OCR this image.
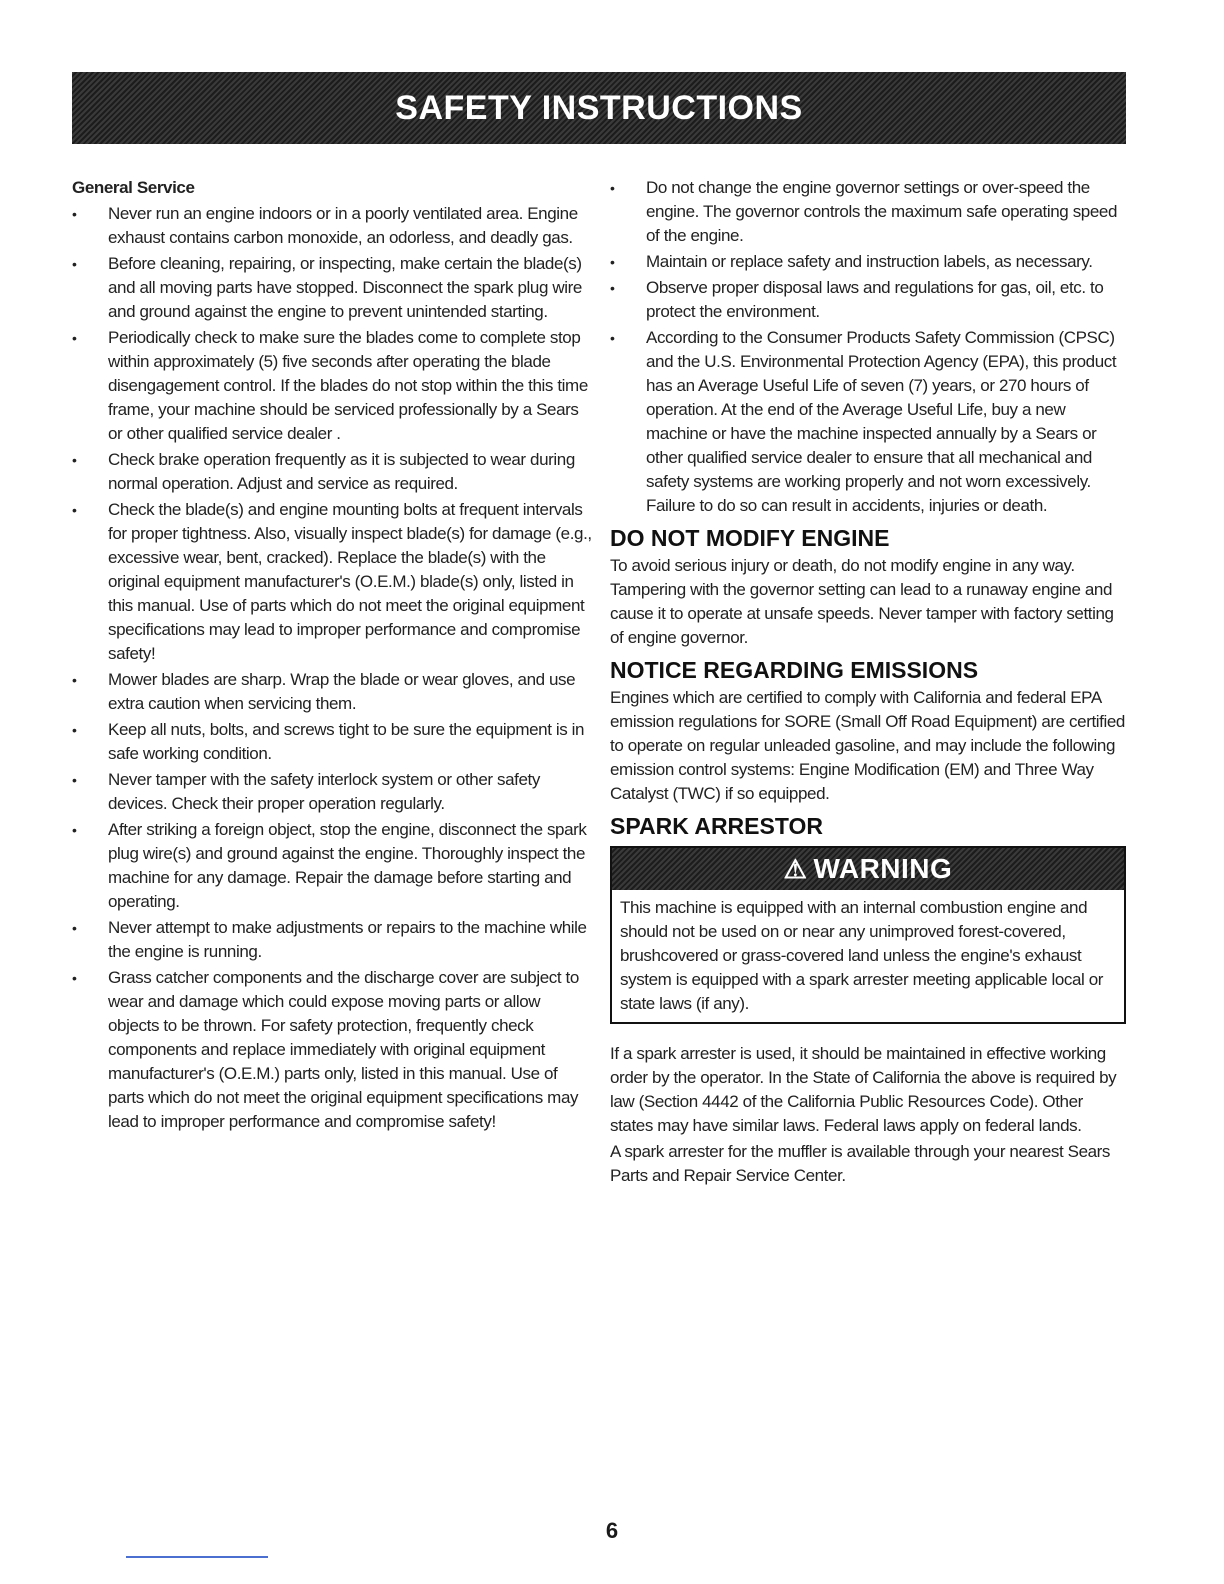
SAFETY INSTRUCTIONS
General Service
• Never run an engine indoors or in a poorly ventilated area. Engine exhaust contains carbon monoxide, an odorless, and deadly gas.
• Before cleaning, repairing, or inspecting, make certain the blade(s) and all moving parts have stopped. Disconnect the spark plug wire and ground against the engine to prevent unintended starting.
• Periodically check to make sure the blades come to complete stop within approximately (5) five seconds after operating the blade disengagement control. If the blades do not stop within the this time frame, your machine should be serviced professionally by a Sears or other qualified service dealer .
• Check brake operation frequently as it is subjected to wear during normal operation. Adjust and service as required.
• Check the blade(s) and engine mounting bolts at frequent intervals for proper tightness. Also, visually inspect blade(s) for damage (e.g., excessive wear, bent, cracked). Replace the blade(s) with the original equipment manufacturer's (O.E.M.) blade(s) only, listed in this manual. Use of parts which do not meet the original equipment specifications may lead to improper performance and compromise safety!
• Mower blades are sharp. Wrap the blade or wear gloves, and use extra caution when servicing them.
• Keep all nuts, bolts, and screws tight to be sure the equipment is in safe working condition.
• Never tamper with the safety interlock system or other safety devices. Check their proper operation regularly.
• After striking a foreign object, stop the engine, disconnect the spark plug wire(s) and ground against the engine. Thoroughly inspect the machine for any damage. Repair the damage before starting and operating.
• Never attempt to make adjustments or repairs to the machine while the engine is running.
• Grass catcher components and the discharge cover are subject to wear and damage which could expose moving parts or allow objects to be thrown. For safety protection, frequently check components and replace immediately with original equipment manufacturer's (O.E.M.) parts only, listed in this manual. Use of parts which do not meet the original equipment specifications may lead to improper performance and compromise safety!
• Do not change the engine governor settings or over-speed the engine. The governor controls the maximum safe operating speed of the engine.
• Maintain or replace safety and instruction labels, as necessary.
• Observe proper disposal laws and regulations for gas, oil, etc. to protect the environment.
• According to the Consumer Products Safety Commission (CPSC) and the U.S. Environmental Protection Agency (EPA), this product has an Average Useful Life of seven (7) years, or 270 hours of operation. At the end of the Average Useful Life, buy a new machine or have the machine inspected annually by a Sears or other qualified service dealer to ensure that all mechanical and safety systems are working properly and not worn excessively. Failure to do so can result in accidents, injuries or death.
DO NOT MODIFY ENGINE

To avoid serious injury or death, do not modify engine in any way. Tampering with the governor setting can lead to a runaway engine and cause it to operate at unsafe speeds. Never tamper with factory setting of engine governor.

NOTICE REGARDING EMISSIONS

Engines which are certified to comply with California and federal EPA emission regulations for SORE (Small Off Road Equipment) are certified to operate on regular unleaded gasoline, and may include the following emission control systems: Engine Modification (EM) and Three Way Catalyst (TWC) if so equipped.

SPARK ARRESTOR
⚠ WARNING
This machine is equipped with an internal combustion engine and should not be used on or near any unimproved forest-covered, brushcovered or grass-covered land unless the engine's exhaust system is equipped with a spark arrester meeting applicable local or state laws (if any).

If a spark arrester is used, it should be maintained in effective working order by the operator. In the State of California the above is required by law (Section 4442 of the California Public Resources Code). Other states may have similar laws. Federal laws apply on federal lands.

A spark arrester for the muffler is available through your nearest Sears Parts and Repair Service Center.

6
